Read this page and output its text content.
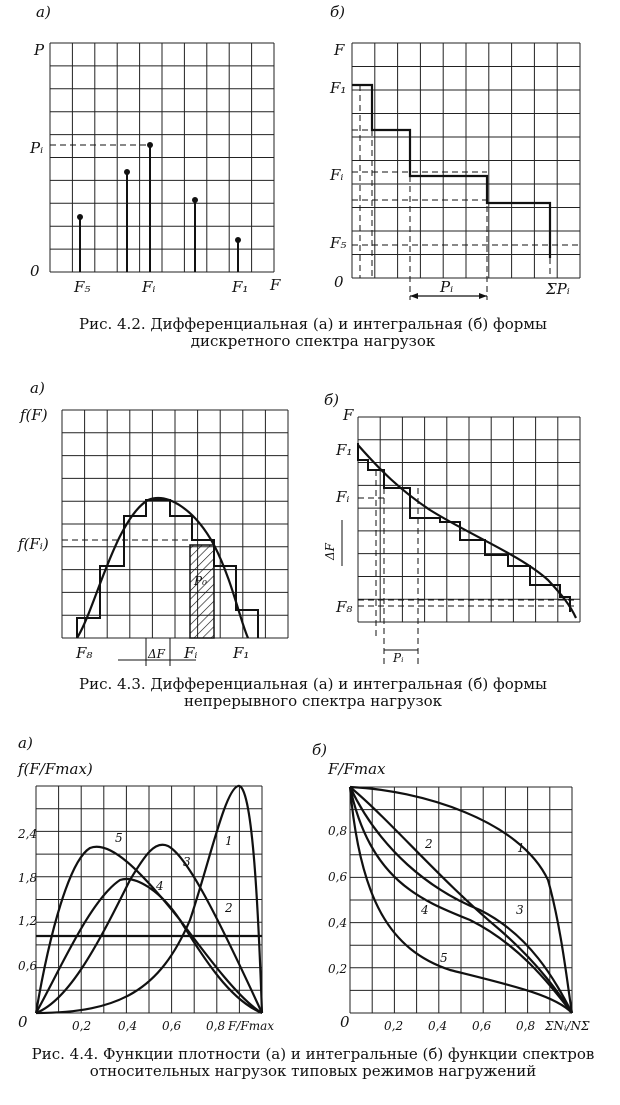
а)
P
Pᵢ
0
F
F₅	Fᵢ	F₁
б)
F
F₁
Fᵢ
F₅
0	Pᵢ	ΣPᵢ
а)
f(F)
f(Fᵢ)
P₀
F₈	Fᵢ F₁
ΔF
б)
F
F₁
Fᵢ
F₈
ΔF
Pᵢ
а)
f(F/Fmax)
2,4
1,8
1,2
0,6
0	0,2 0,4 0,6 0,8 F/Fmax
1
2
3
4
5
б)
F/Fmax
0,8
0,6
0,4
0,2
0	0,2 0,4 0,6 0,8 ΣNᵢ/NΣ
1
2
3
4
5
Рис. 4.2. Дифференциальная (а) и интегральная (б) формы дискретного спектра нагрузок
Рис. 4.3. Дифференциальная (а) и интегральная (б) формы непрерывного спектра нагрузок
Рис. 4.4. Функции плотности (а) и интегральные (б) функции спектров относительных нагрузок типовых режимов нагружений
